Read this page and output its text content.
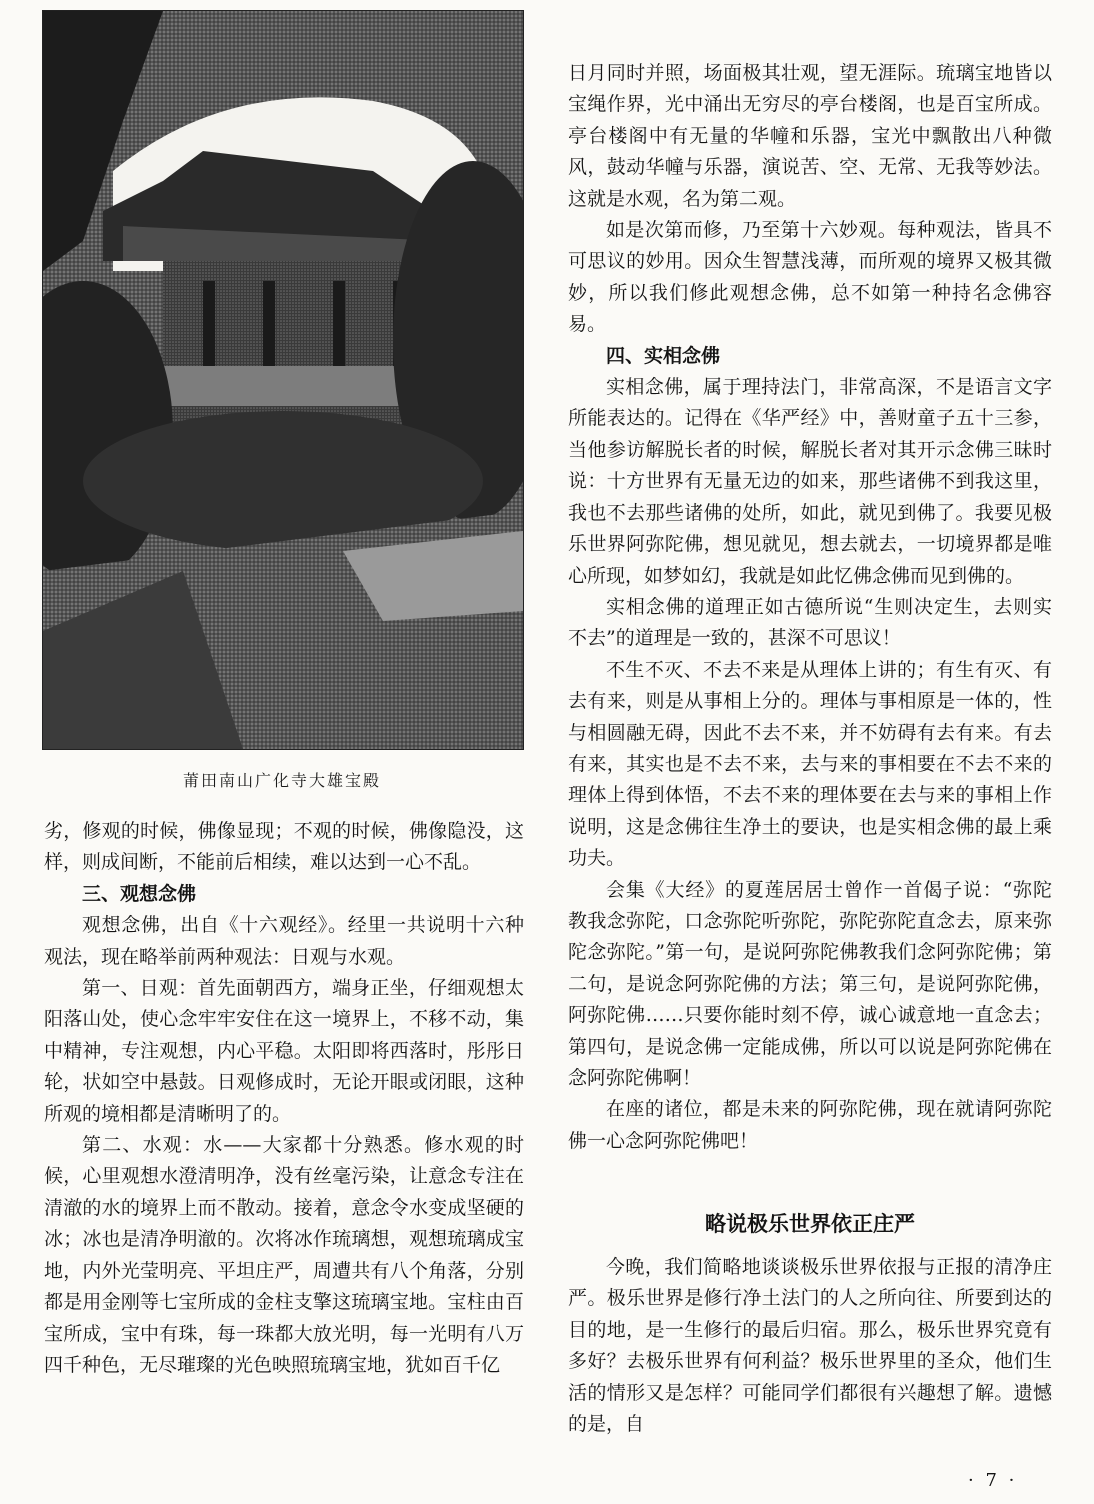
莆田南山广化寺大雄宝殿

劣，修观的时候，佛像显现；不观的时候，佛像隐没，这样，则成间断，不能前后相续，难以达到一心不乱。

三、观想念佛

观想念佛，出自《十六观经》。经里一共说明十六种观法，现在略举前两种观法：日观与水观。

第一、日观：首先面朝西方，端身正坐，仔细观想太阳落山处，使心念牢牢安住在这一境界上，不移不动，集中精神，专注观想，内心平稳。太阳即将西落时，彤彤日轮，状如空中悬鼓。日观修成时，无论开眼或闭眼，这种所观的境相都是清晰明了的。

第二、水观：水——大家都十分熟悉。修水观的时候，心里观想水澄清明净，没有丝毫污染，让意念专注在清澈的水的境界上而不散动。接着，意念令水变成坚硬的冰；冰也是清净明澈的。次将冰作琉璃想，观想琉璃成宝地，内外光莹明亮、平坦庄严，周遭共有八个角落，分别都是用金刚等七宝所成的金柱支擎这琉璃宝地。宝柱由百宝所成，宝中有珠，每一珠都大放光明，每一光明有八万四千种色，无尽璀璨的光色映照琉璃宝地，犹如百千亿

日月同时并照，场面极其壮观，望无涯际。琉璃宝地皆以宝绳作界，光中涌出无穷尽的亭台楼阁，也是百宝所成。亭台楼阁中有无量的华幢和乐器，宝光中飘散出八种微风，鼓动华幢与乐器，演说苦、空、无常、无我等妙法。这就是水观，名为第二观。

如是次第而修，乃至第十六妙观。每种观法，皆具不可思议的妙用。因众生智慧浅薄，而所观的境界又极其微妙，所以我们修此观想念佛，总不如第一种持名念佛容易。

四、实相念佛

实相念佛，属于理持法门，非常高深，不是语言文字所能表达的。记得在《华严经》中，善财童子五十三参，当他参访解脱长者的时候，解脱长者对其开示念佛三昧时说：十方世界有无量无边的如来，那些诸佛不到我这里，我也不去那些诸佛的处所，如此，就见到佛了。我要见极乐世界阿弥陀佛，想见就见，想去就去，一切境界都是唯心所现，如梦如幻，我就是如此忆佛念佛而见到佛的。

实相念佛的道理正如古德所说“生则决定生，去则实不去”的道理是一致的，甚深不可思议！

不生不灭、不去不来是从理体上讲的；有生有灭、有去有来，则是从事相上分的。理体与事相原是一体的，性与相圆融无碍，因此不去不来，并不妨碍有去有来。有去有来，其实也是不去不来，去与来的事相要在不去不来的理体上得到体悟，不去不来的理体要在去与来的事相上作说明，这是念佛往生净土的要诀，也是实相念佛的最上乘功夫。

会集《大经》的夏莲居居士曾作一首偈子说：“弥陀教我念弥陀，口念弥陀听弥陀，弥陀弥陀直念去，原来弥陀念弥陀。”第一句，是说阿弥陀佛教我们念阿弥陀佛；第二句，是说念阿弥陀佛的方法；第三句，是说阿弥陀佛，阿弥陀佛……只要你能时刻不停，诚心诚意地一直念去；第四句，是说念佛一定能成佛，所以可以说是阿弥陀佛在念阿弥陀佛啊！

在座的诸位，都是未来的阿弥陀佛，现在就请阿弥陀佛一心念阿弥陀佛吧！

略说极乐世界依正庄严

今晚，我们简略地谈谈极乐世界依报与正报的清净庄严。极乐世界是修行净土法门的人之所向往、所要到达的目的地，是一生修行的最后归宿。那么，极乐世界究竟有多好？去极乐世界有何利益？极乐世界里的圣众，他们生活的情形又是怎样？可能同学们都很有兴趣想了解。遗憾的是，自

· 7 ·
